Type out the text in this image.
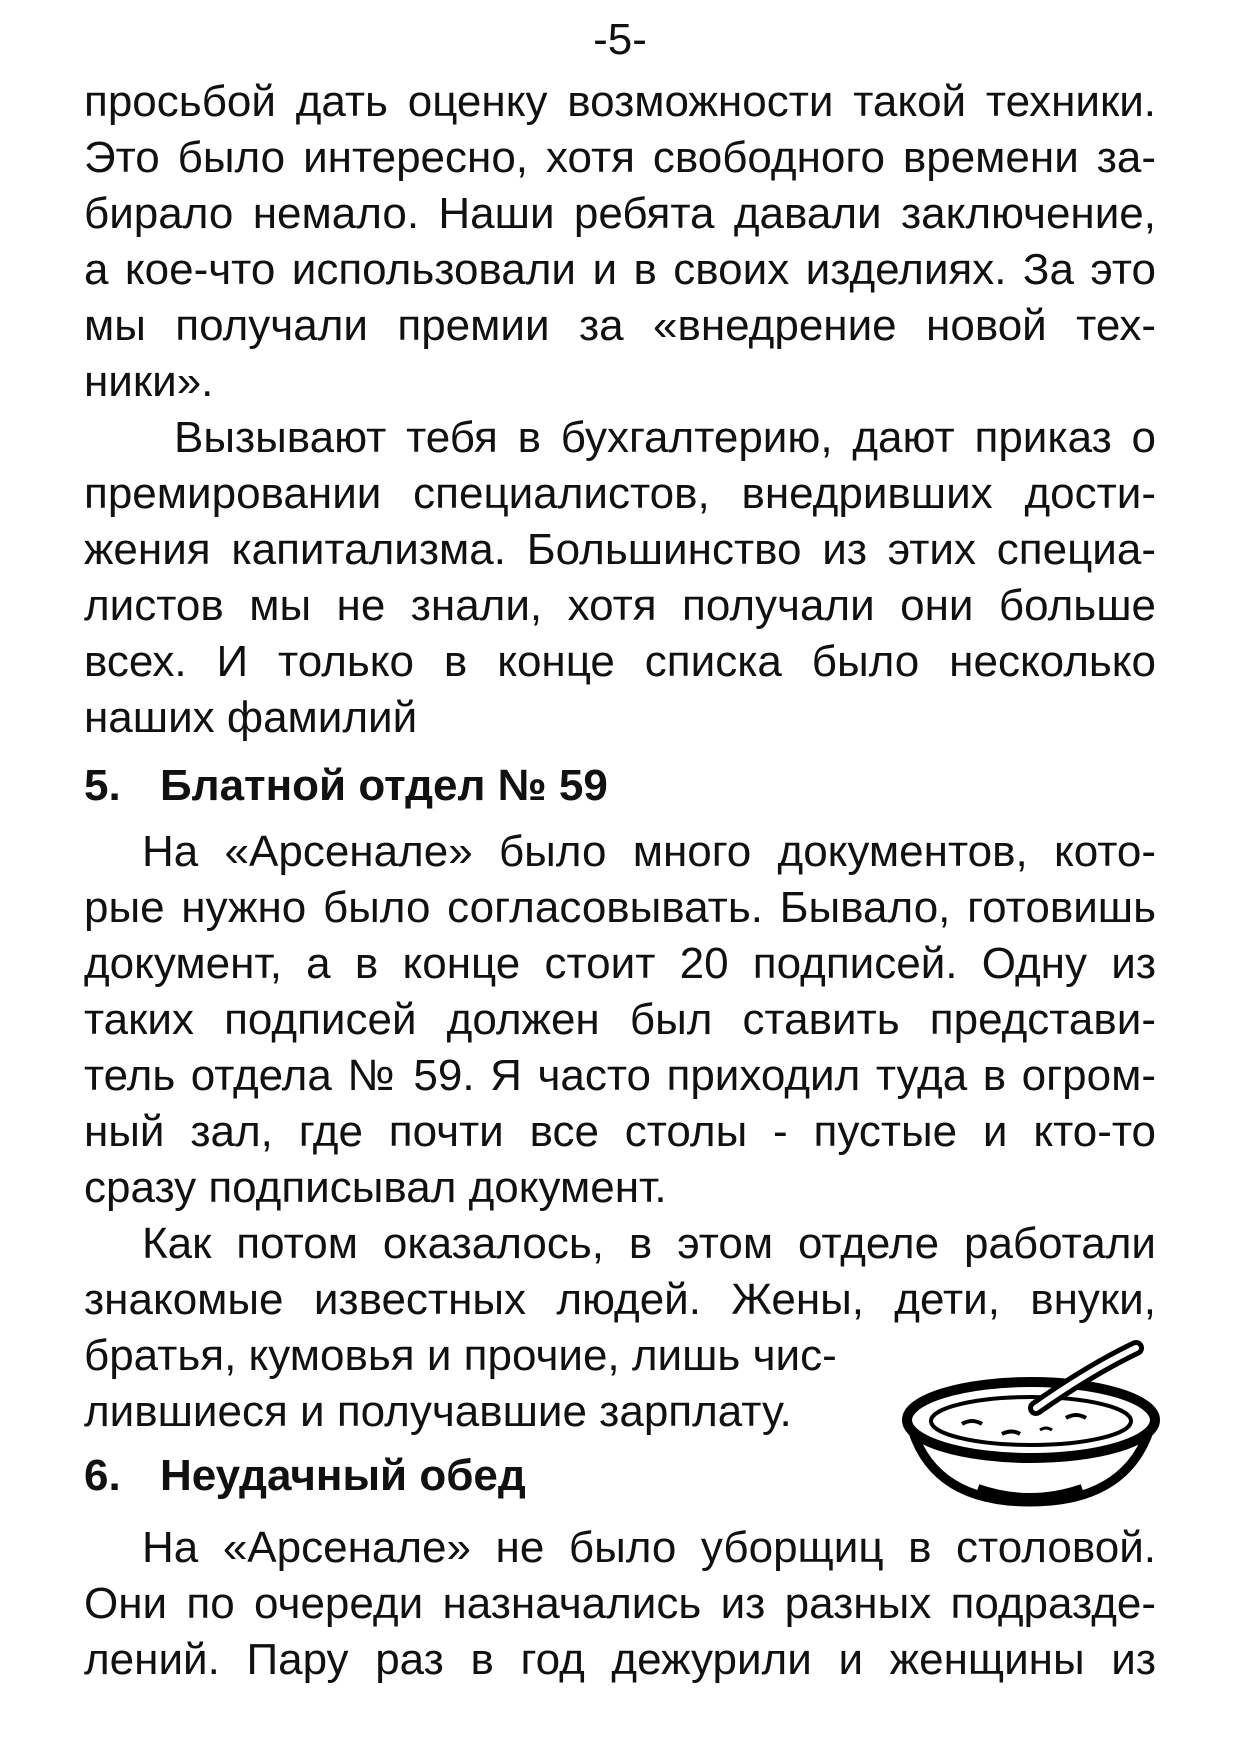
-5-

просьбой дать оценку возможности такой техники.

Это было интересно, хотя свободного времени за-

бирало немало. Наши ребята давали заключение,

а кое-что использовали и в своих изделиях. За это

мы получали премии за «внедрение новой тех-

ники».

Вызывают тебя в бухгалтерию, дают приказ о

премировании специалистов, внедривших дости-

жения капитализма. Большинство из этих специа-

листов мы не знали, хотя получали они больше

всех. И только в конце списка было несколько

наших фамилий

5. Блатной отдел № 59

На «Арсенале» было много документов, кото-

рые нужно было согласовывать. Бывало, готовишь

документ, а в конце стоит 20 подписей. Одну из

таких подписей должен был ставить представи-

тель отдела № 59. Я часто приходил туда в огром-

ный зал, где почти все столы - пустые и кто-то

сразу подписывал документ.

Как потом оказалось, в этом отделе работали

знакомые известных людей. Жены, дети, внуки,

братья, кумовья и прочие, лишь чис-

лившиеся и получавшие зарплату.

6. Неудачный обед

На «Арсенале» не было уборщиц в столовой.

Они по очереди назначались из разных подразде-

лений. Пару раз в год дежурили и женщины из
